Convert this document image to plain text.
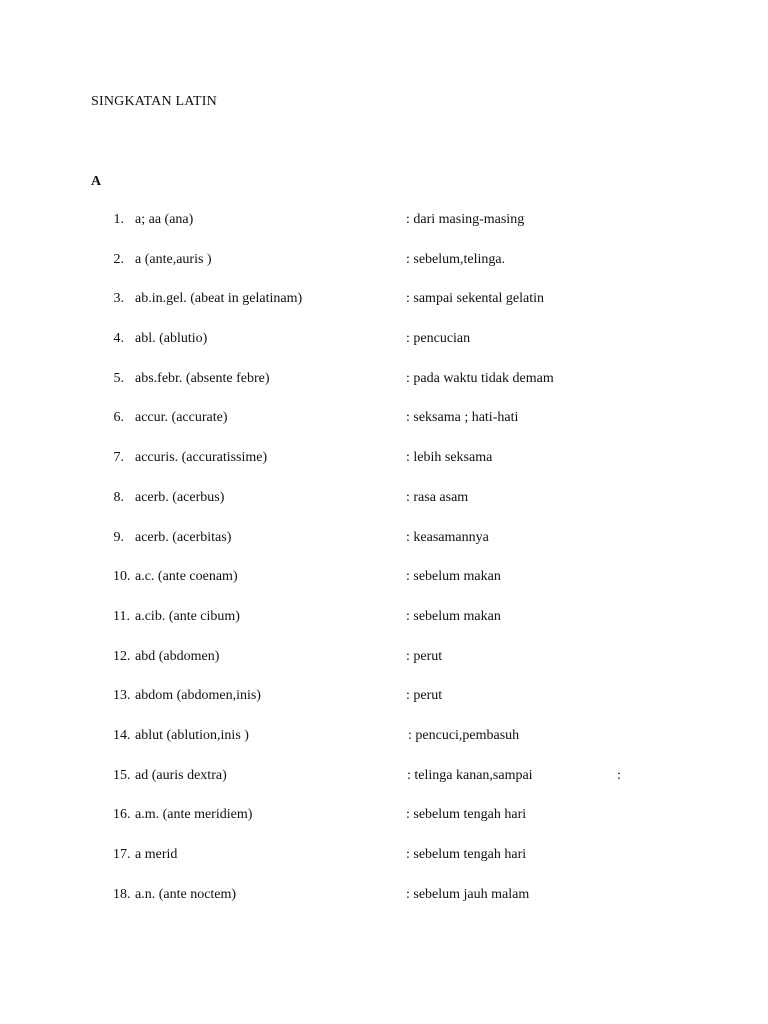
SINGKATAN LATIN
A
1. a; aa (ana)	: dari masing-masing
2. a (ante,auris )	: sebelum,telinga.
3. ab.in.gel. (abeat in gelatinam)	: sampai sekental gelatin
4. abl. (ablutio)	: pencucian
5. abs.febr. (absente febre)	: pada waktu tidak demam
6. accur. (accurate)	: seksama ; hati-hati
7. accuris. (accuratissime)	: lebih seksama
8. acerb. (acerbus)	: rasa asam
9. acerb. (acerbitas)	: keasamannya
10. a.c. (ante coenam)	: sebelum makan
11. a.cib. (ante cibum)	: sebelum makan
12. abd (abdomen)	: perut
13. abdom (abdomen,inis)	: perut
14. ablut (ablution,inis )	: pencuci,pembasuh
15. ad (auris dextra)	: telinga kanan,sampai	:
16. a.m. (ante meridiem)	: sebelum tengah hari
17. a merid	: sebelum tengah hari
18. a.n. (ante noctem)	: sebelum jauh malam
